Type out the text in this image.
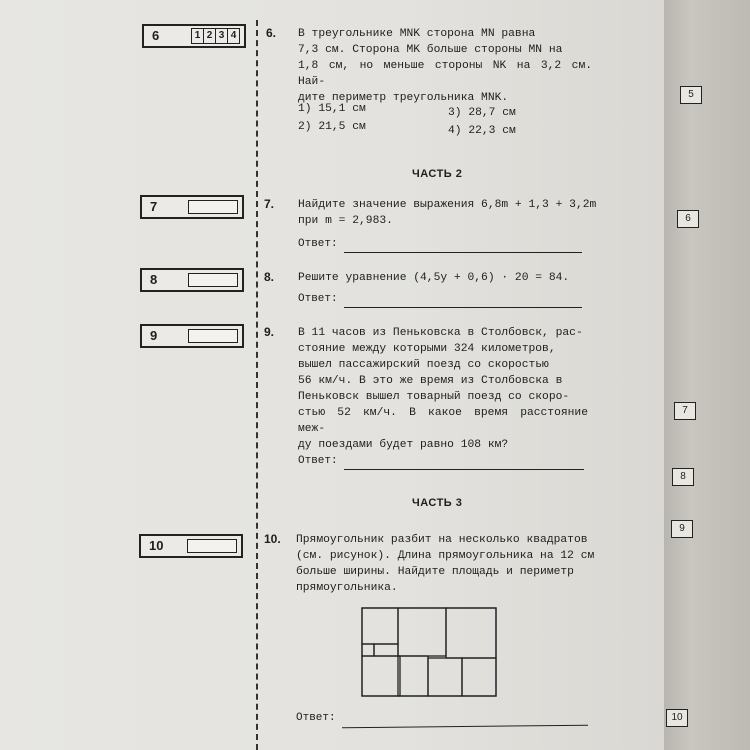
6	1 2 3 4
7
8
9
10
6. В треугольнике MNK сторона MN равна
7,3 см. Сторона MK больше стороны MN на
1,8 см, но меньше стороны NK на 3,2 см. Най-
дите периметр треугольника MNK.
1) 15,1 см
2) 21,5 см
3) 28,7 см
4) 22,3 см
ЧАСТЬ 2
7. Найдите значение выражения 6,8m + 1,3 + 3,2m
при m = 2,983.
Ответ:
8. Решите уравнение (4,5y + 0,6) · 20 = 84.
Ответ:
9. В 11 часов из Пеньковска в Столбовск, рас-
стояние между которыми 324 километров,
вышел пассажирский поезд со скоростью
56 км/ч. В это же время из Столбовска в
Пеньковск вышел товарный поезд со скоро-
стью 52 км/ч. В какое время расстояние меж-
ду поездами будет равно 108 км?
Ответ:
ЧАСТЬ 3
10. Прямоугольник разбит на несколько квадратов
(см. рисунок). Длина прямоугольника на 12 см
больше ширины. Найдите площадь и периметр
прямоугольника.
Ответ:
5
6
7
8
9
10
